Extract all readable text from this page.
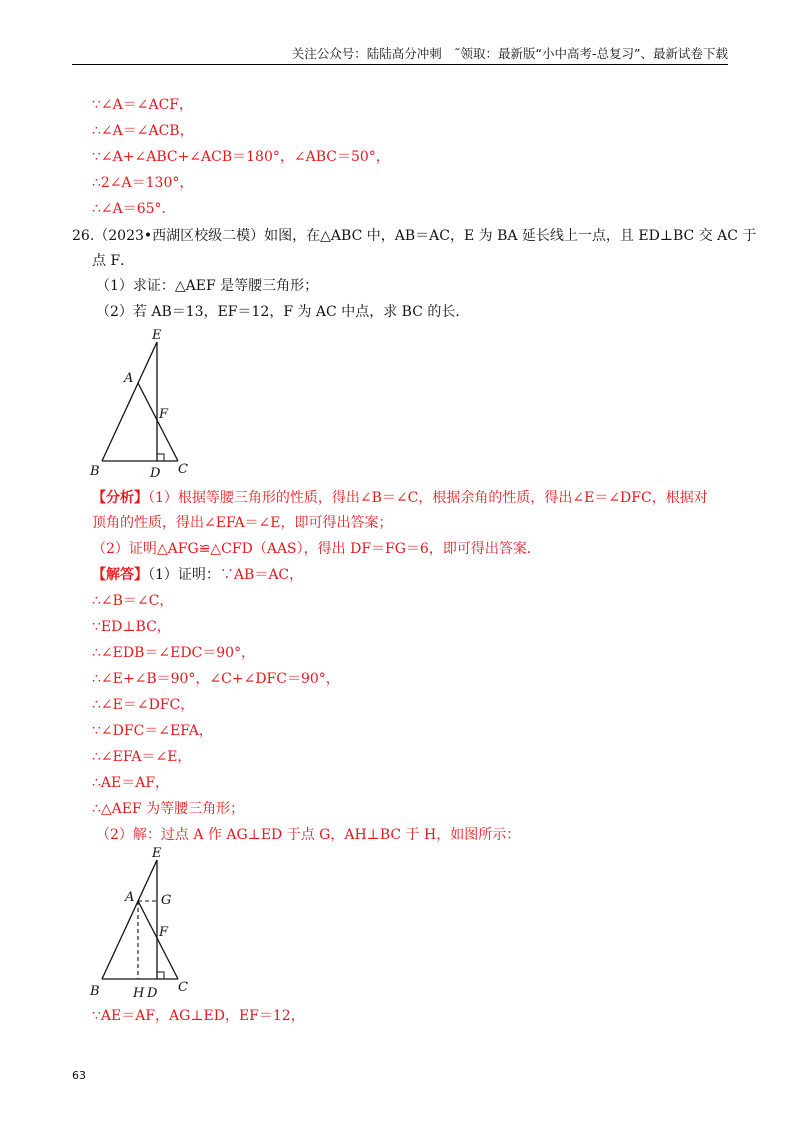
关注公众号：陆陆高分冲刺　˜领取：最新版“小中高考-总复习”、最新试卷下载
∵∠A＝∠ACF，
∴∠A＝∠ACB，
∵∠A+∠ABC+∠ACB＝180°，∠ABC＝50°，
∴2∠A＝130°，
∴∠A＝65°.
26.（2023•西湖区校级二模）如图，在△ABC 中，AB＝AC，E 为 BA 延长线上一点，且 ED⊥BC 交 AC 于
点 F．
（1）求证：△AEF 是等腰三角形；
（2）若 AB＝13，EF＝12，F 为 AC 中点，求 BC 的长．
E
A
F
B	D C
【分析】（1）根据等腰三角形的性质，得出∠B＝∠C，根据余角的性质，得出∠E＝∠DFC，根据对
顶角的性质，得出∠EFA＝∠E，即可得出答案；
（2）证明△AFG≌△CFD（AAS），得出 DF＝FG＝6，即可得出答案．
【解答】（1）证明：∵AB＝AC，
∴∠B＝∠C，
∵ED⊥BC，
∴∠EDB＝∠EDC＝90°，
∴∠E+∠B＝90°，∠C+∠DFC＝90°，
∴∠E＝∠DFC，
∵∠DFC＝∠EFA，
∴∠EFA＝∠E，
∴AE＝AF，
∴△AEF 为等腰三角形；
（2）解：过点 A 作 AG⊥ED 于点 G，AH⊥BC 于 H，如图所示：
E
A G
F
B	H D C
∵AE＝AF，AG⊥ED，EF＝12，
63
